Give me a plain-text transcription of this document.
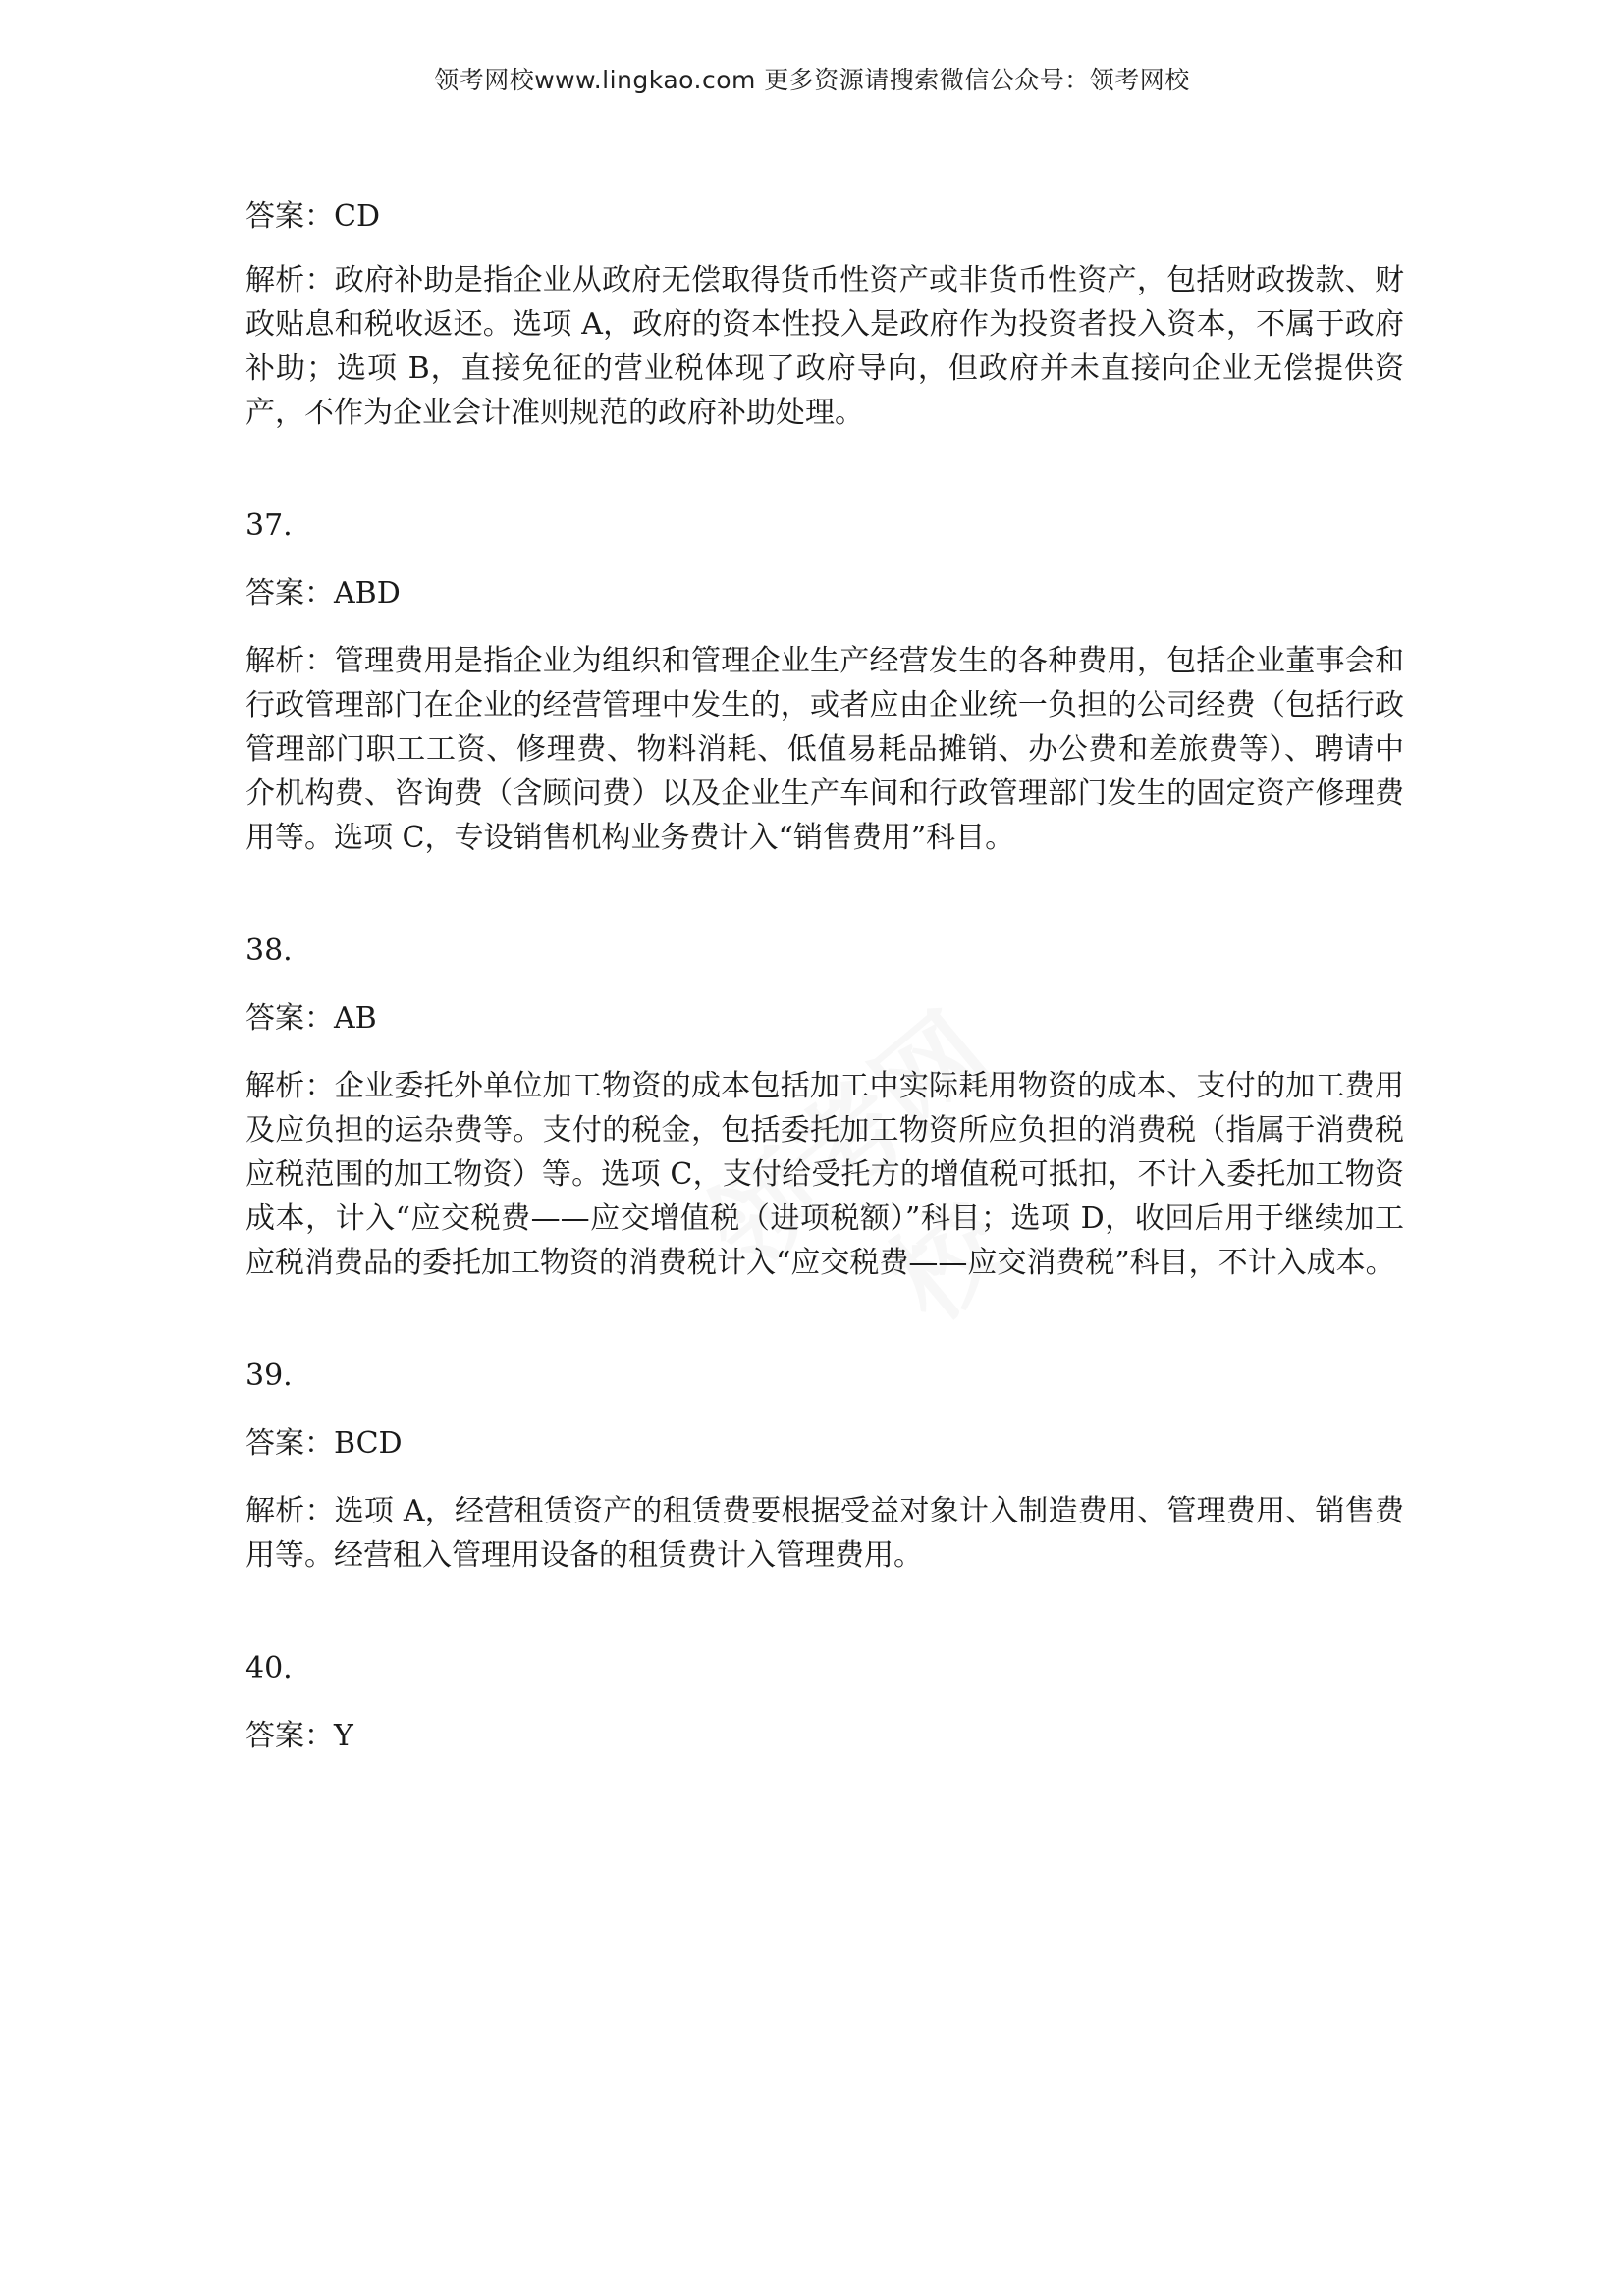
领考网校www.lingkao.com 更多资源请搜索微信公众号：领考网校
领考网校

答案：CD

解析：政府补助是指企业从政府无偿取得货币性资产或非货币性资产，包括财政拨款、财政贴息和税收返还。选项 A，政府的资本性投入是政府作为投资者投入资本，不属于政府补助；选项 B，直接免征的营业税体现了政府导向，但政府并未直接向企业无偿提供资产，不作为企业会计准则规范的政府补助处理。

37.

答案：ABD

解析：管理费用是指企业为组织和管理企业生产经营发生的各种费用，包括企业董事会和行政管理部门在企业的经营管理中发生的，或者应由企业统一负担的公司经费（包括行政管理部门职工工资、修理费、物料消耗、低值易耗品摊销、办公费和差旅费等）、聘请中介机构费、咨询费（含顾问费）以及企业生产车间和行政管理部门发生的固定资产修理费用等。选项 C，专设销售机构业务费计入“销售费用”科目。

38.

答案：AB

解析：企业委托外单位加工物资的成本包括加工中实际耗用物资的成本、支付的加工费用及应负担的运杂费等。支付的税金，包括委托加工物资所应负担的消费税（指属于消费税应税范围的加工物资）等。选项 C，支付给受托方的增值税可抵扣，不计入委托加工物资成本，计入“应交税费——应交增值税（进项税额）”科目；选项 D，收回后用于继续加工应税消费品的委托加工物资的消费税计入“应交税费——应交消费税”科目，不计入成本。

39.

答案：BCD

解析：选项 A，经营租赁资产的租赁费要根据受益对象计入制造费用、管理费用、销售费用等。经营租入管理用设备的租赁费计入管理费用。

40.

答案：Y
